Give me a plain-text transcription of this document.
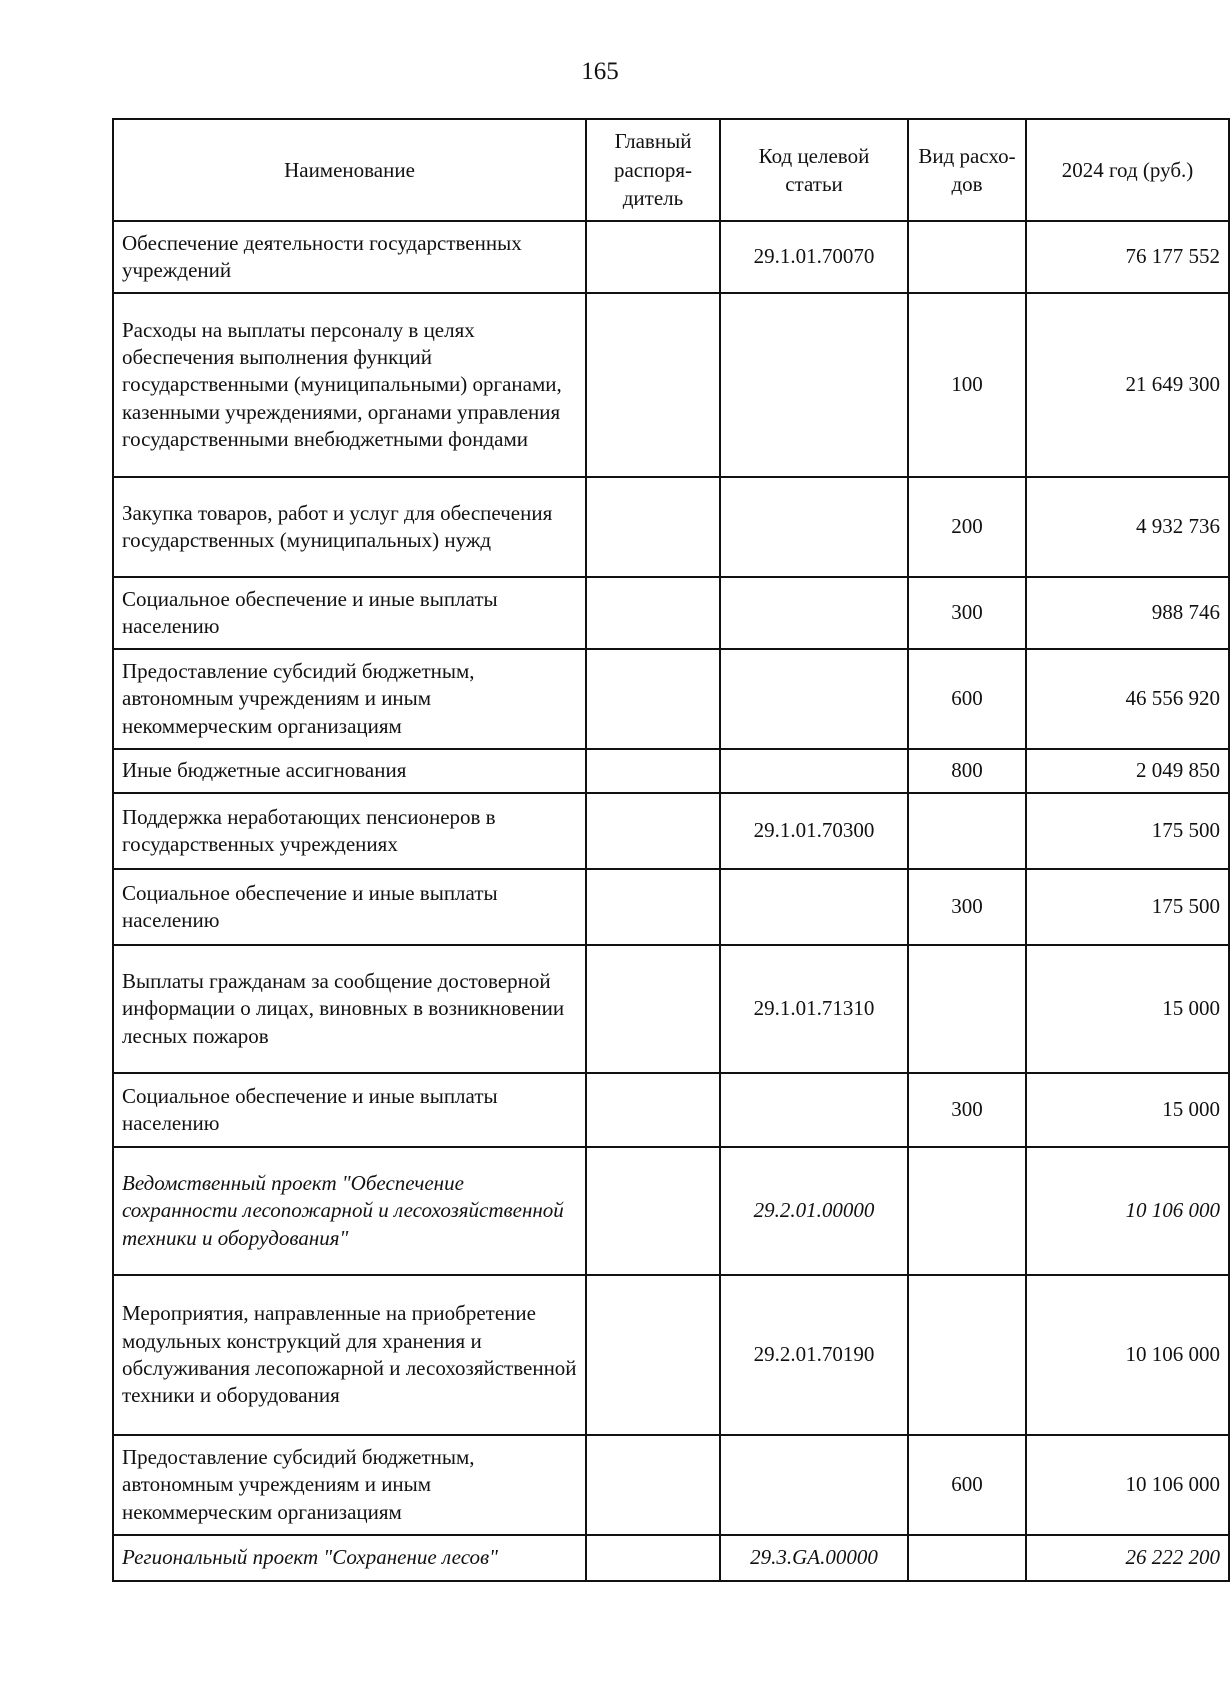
165
Наименование	Главный распоря-дитель	Код целевой статьи	Вид расхо-дов	2024 год (руб.)
Обеспечение деятельности государственных учреждений		29.1.01.70070		76 177 552
Расходы на выплаты персоналу в целях обеспечения выполнения функций государственными (муниципальными) органами, казенными учреждениями, органами управления государственными внебюджетными фондами			100	21 649 300
Закупка товаров, работ и услуг для обеспечения государственных (муниципальных) нужд			200	4 932 736
Социальное обеспечение и иные выплаты населению			300	988 746
Предоставление субсидий бюджетным, автономным учреждениям и иным некоммерческим организациям			600	46 556 920
Иные бюджетные ассигнования			800	2 049 850
Поддержка неработающих пенсионеров в государственных учреждениях		29.1.01.70300		175 500
Социальное обеспечение и иные выплаты населению			300	175 500
Выплаты гражданам за сообщение достоверной информации о лицах, виновных в возникновении лесных пожаров		29.1.01.71310		15 000
Социальное обеспечение и иные выплаты населению			300	15 000
Ведомственный проект "Обеспечение сохранности лесопожарной и лесохозяйственной техники и оборудования"		29.2.01.00000		10 106 000
Мероприятия, направленные на приобретение модульных конструкций для хранения и обслуживания лесопожарной и лесохозяйственной техники и оборудования		29.2.01.70190		10 106 000
Предоставление субсидий бюджетным, автономным учреждениям и иным некоммерческим организациям			600	10 106 000
Региональный проект "Сохранение лесов"		29.3.GA.00000		26 222 200
